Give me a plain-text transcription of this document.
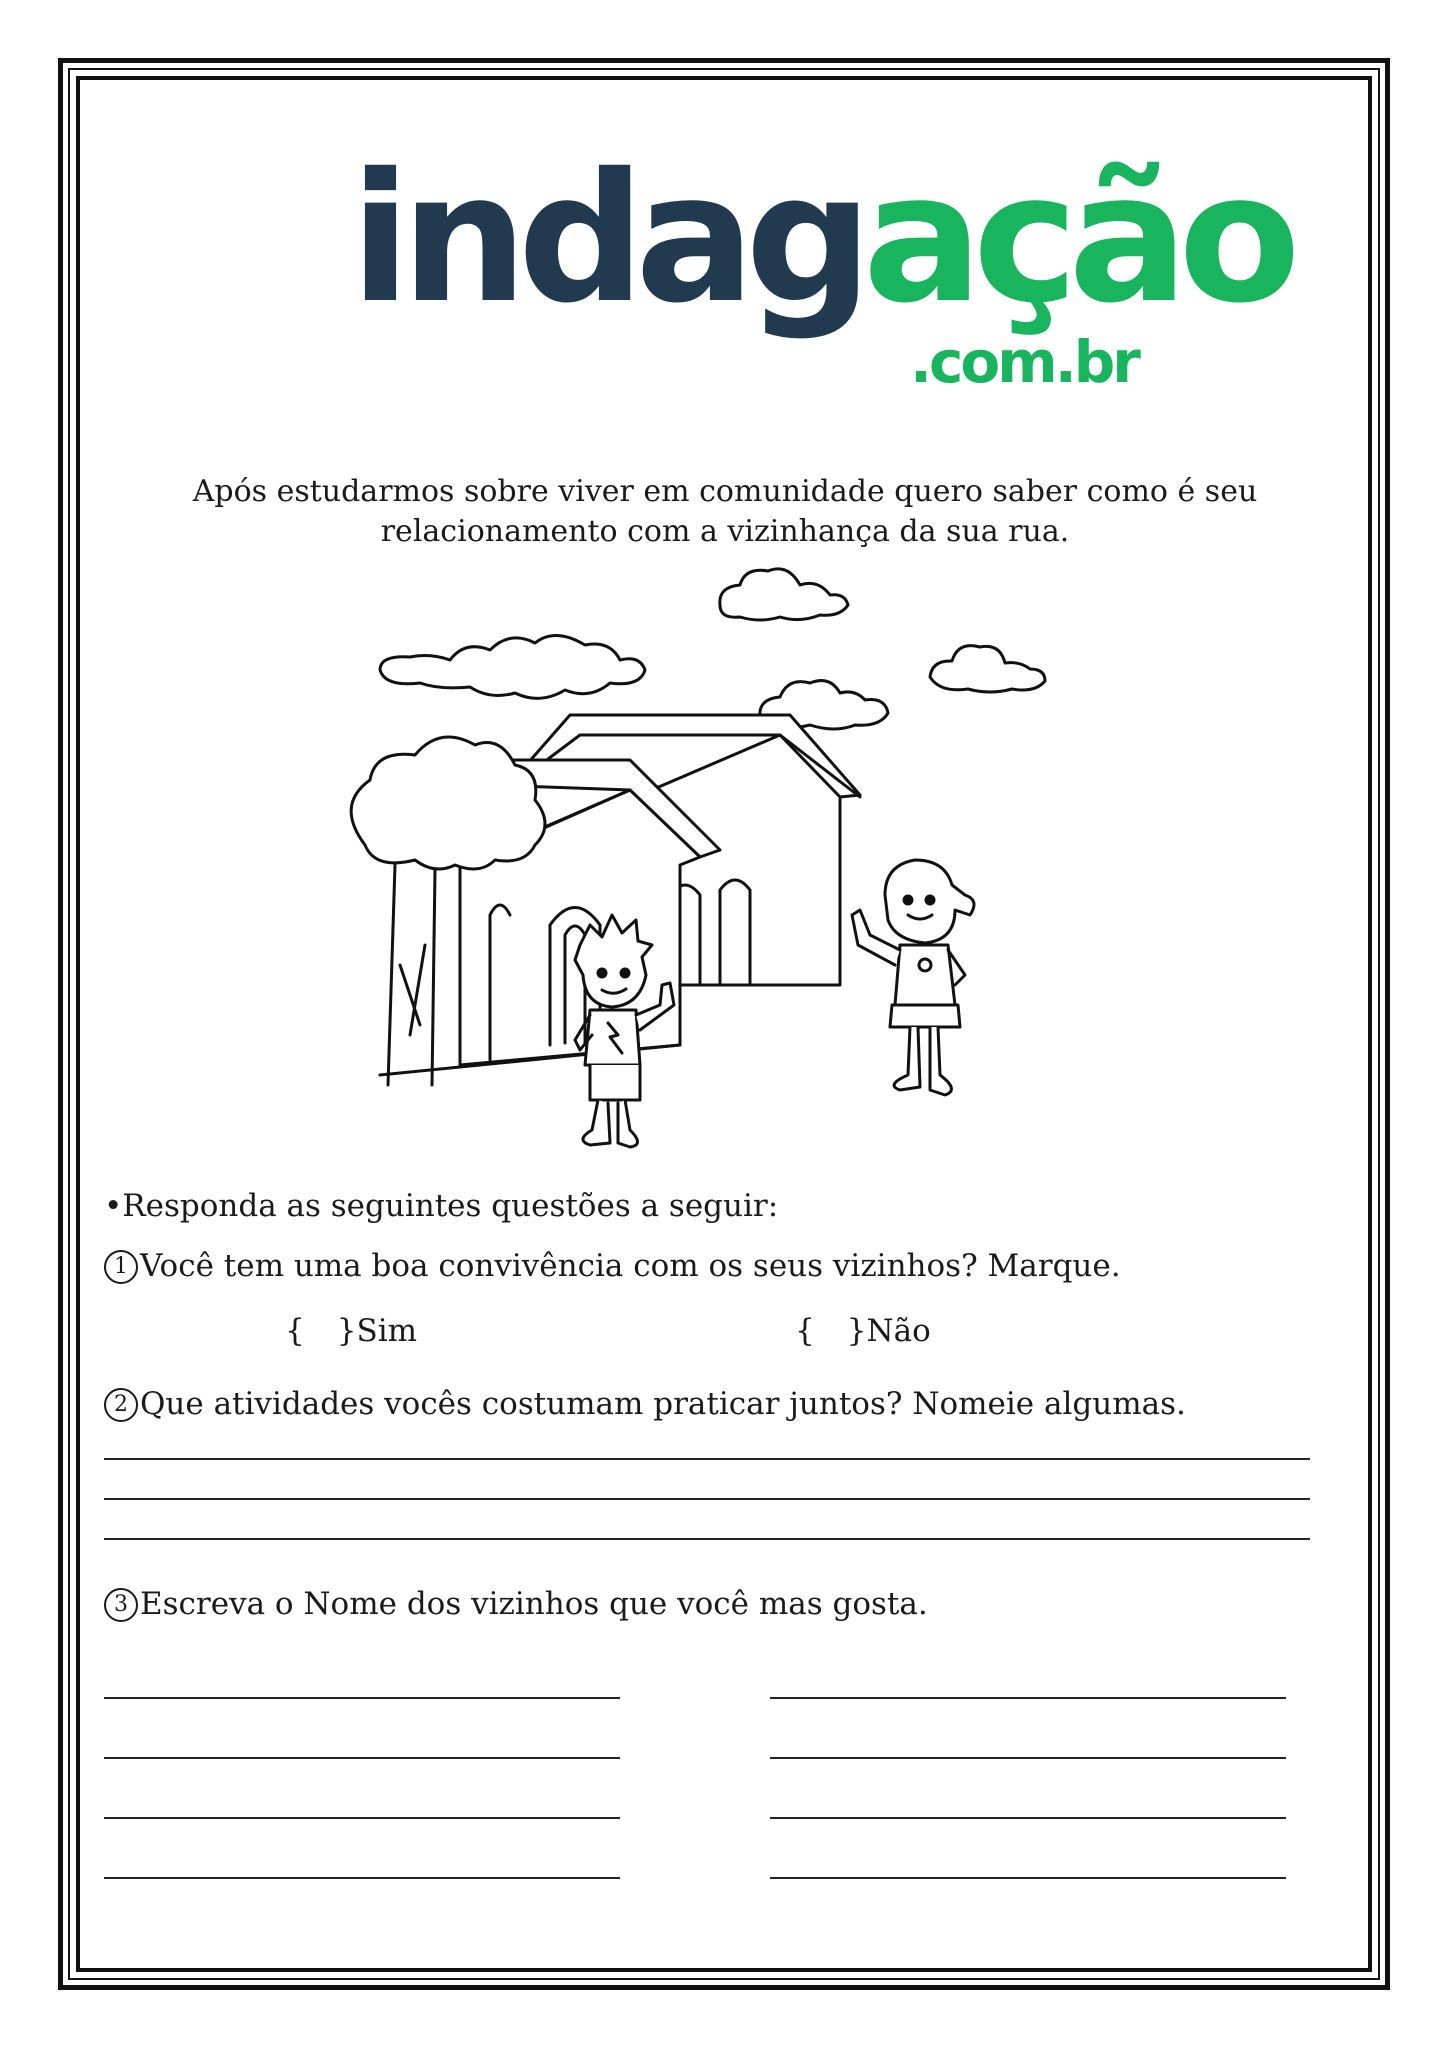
indagação
.com.br
Após estudarmos sobre viver em comunidade quero saber como é seu
relacionamento com a vizinhança da sua rua.
•Responda as seguintes questões a seguir:
1 Você tem uma boa convivência com os seus vizinhos? Marque.
{ }Sim	{ }Não
2 Que atividades vocês costumam praticar juntos? Nomeie algumas.
3 Escreva o Nome dos vizinhos que você mas gosta.
